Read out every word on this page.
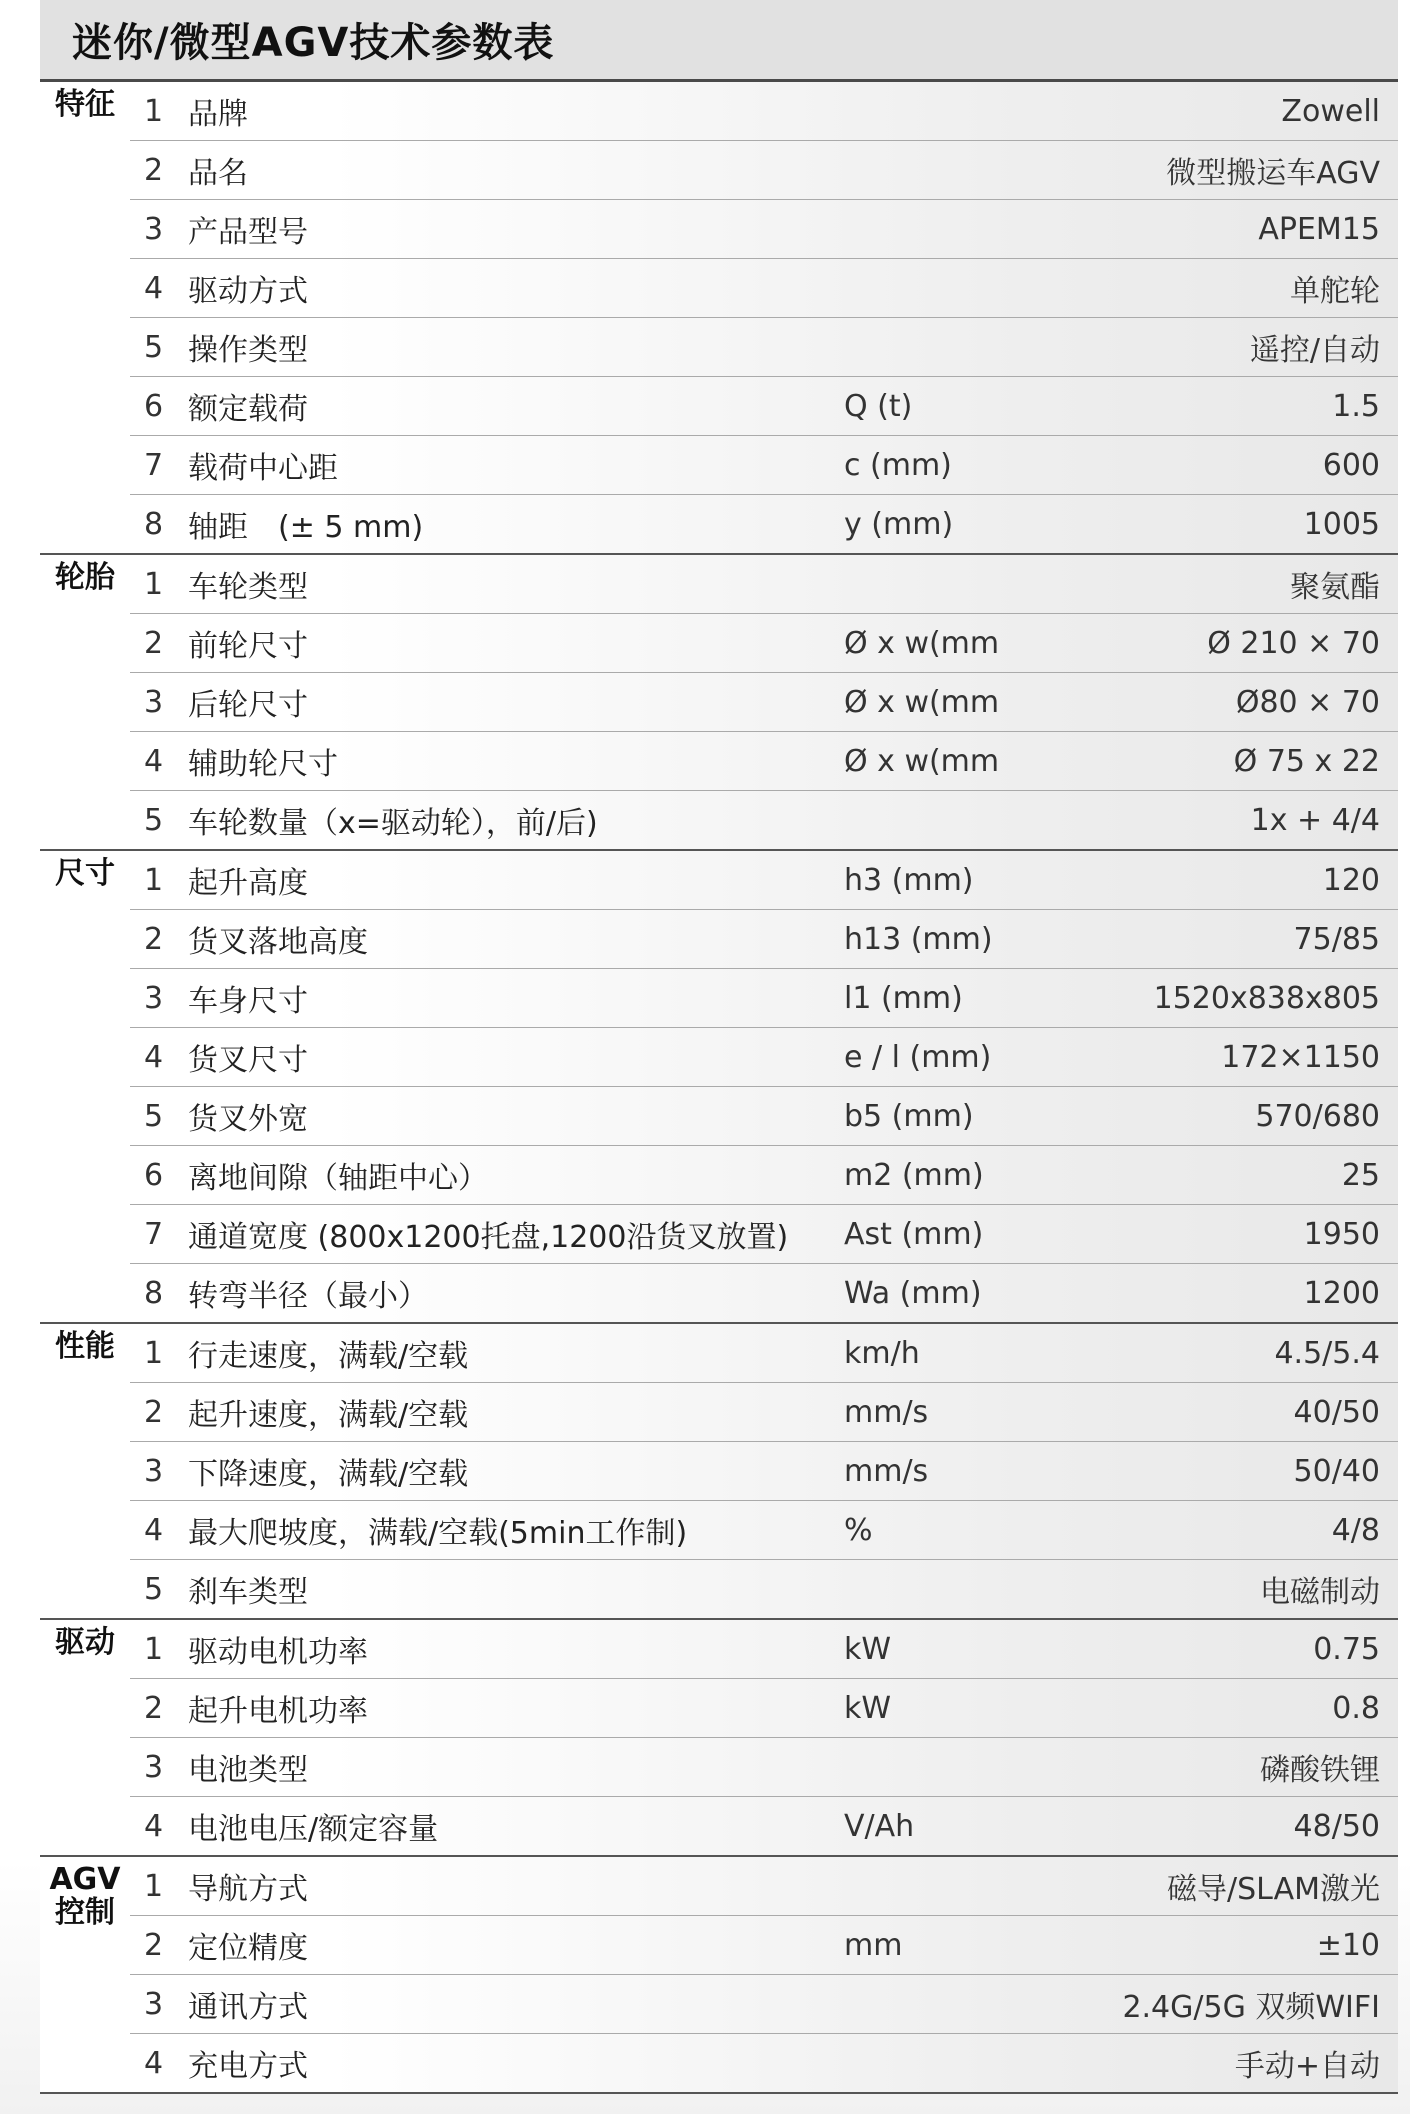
迷你/微型AGV技术参数表
特征 1 品牌	Zowell
2 品名	微型搬运车AGV
3 产品型号	APEM15
4 驱动方式	单舵轮
5 操作类型	遥控/自动
6 额定载荷	Q (t)	1.5
7 载荷中心距	c (mm)	600
8 轴距　(± 5 mm)	y (mm)	1005
轮胎 1 车轮类型	聚氨酯
2 前轮尺寸	Ø x w(mm	Ø 210 × 70
3 后轮尺寸	Ø x w(mm	Ø80 × 70
4 辅助轮尺寸	Ø x w(mm	Ø 75 x 22
5 车轮数量（x=驱动轮），前/后)	1x + 4/4
尺寸 1 起升高度	h3 (mm)	120
2 货叉落地高度	h13 (mm)	75/85
3 车身尺寸	l1 (mm)	1520x838x805
4 货叉尺寸	e / l (mm)	172×1150
5 货叉外宽	b5 (mm)	570/680
6 离地间隙（轴距中心）	m2 (mm)	25
7 通道宽度 (800x1200托盘,1200沿货叉放置)	Ast (mm)	1950
8 转弯半径（最小）	Wa (mm)	1200
性能 1 行走速度，满载/空载	km/h	4.5/5.4
2 起升速度，满载/空载	mm/s	40/50
3 下降速度，满载/空载	mm/s	50/40
4 最大爬坡度，满载/空载(5min工作制)	%	4/8
5 刹车类型	电磁制动
驱动 1 驱动电机功率	kW	0.75
2 起升电机功率	kW	0.8
3 电池类型	磷酸铁锂
4 电池电压/额定容量	V/Ah	48/50
AGV
控制
1 导航方式	磁导/SLAM激光
2 定位精度	mm	±10
3 通讯方式	2.4G/5G 双频WIFI
4 充电方式	手动+自动
